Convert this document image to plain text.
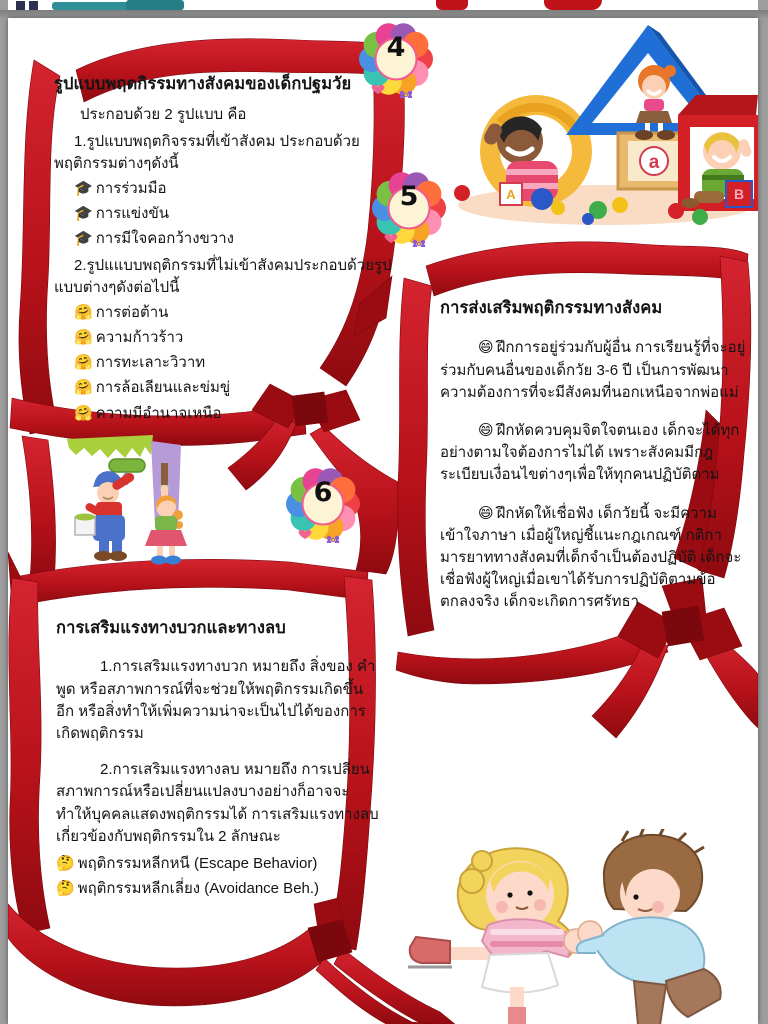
a
A	B
4
5
6
รูปแบบพฤตกิรรมทางสังคมของเด็กปฐมวัย

ประกอบด้วย 2 รูปแบบ คือ

1.รูปแบบพฤตกิจรรมที่เข้าสังคม ประกอบด้วยพฤติกรรมต่างๆดังนี้

🎓 การร่วมมือ
🎓 การแข่งขัน
🎓 การมีใจคอกว้างขวาง

2.รูปแแบบพฤติกรรมที่ไม่เข้าสังคมประกอบด้วยรูปแบบต่างๆดังต่อไปนี้

🤗 การต่อต้าน
🤗 ความก้าวร้าว
🤗 การทะเลาะวิวาท
🤗 การล้อเลียนและข่มขู่
🤗 ความมีอำนาจเหนือ
การส่งเสริมพฤติกรรมทางสังคม

😄 ฝึกการอยู่ร่วมกับผู้อื่น การเรียนรู้ที่จะอยู่ร่วมกับคนอื่นของเด็กวัย 3-6 ปี เป็นการพัฒนาความต้องการที่จะมีสังคมที่นอกเหนือจากพ่อแม่

😄 ฝึกหัดควบคุมจิตใจตนเอง เด็กจะได้ทุกอย่างตามใจต้องการไม่ได้ เพราะสังคมมีกฎระเบียบเงื่อนไขต่างๆเพื่อให้ทุกคนปฏิบัติตาม

😄 ฝึกหัดให้เชื่อฟัง เด็กวัยนี้ จะมีความเข้าใจภาษา เมื่อผู้ใหญ่ชี้แนะกฎเกณฑ์ กติกามารยาททางสังคมที่เด็กจำเป็นต้องปฏิบัติ เด็กจะเชื่อฟังผู้ใหญ่เมื่อเขาได้รับการปฏิบัติตามข้อตกลงจริง เด็กจะเกิดการศรัทธา

การเสริมแรงทางบวกและทางลบ

1.การเสริมแรงทางบวก หมายถึง สิ่งของ คำพูด หรือสภาพการณ์ที่จะช่วยให้พฤติกรรมเกิดขึ้นอีก หรือสิ่งทำให้เพิ่มความน่าจะเป็นไปได้ของการเกิดพฤติกรรม

2.การเสริมแรงทางลบ หมายถึง การเปลี่ยนสภาพการณ์หรือเปลี่ยนแปลงบางอย่างก็อาจจะทำให้บุคคลแสดงพฤติกรรมได้ การเสริมแรงทางลบเกี่ยวข้องกับพฤติกรรมใน 2 ลักษณะ

🤔 พฤติกรรมหลีกหนี (Escape Behavior)
🤔 พฤติกรรมหลีกเลี่ยง (Avoidance Beh.)
